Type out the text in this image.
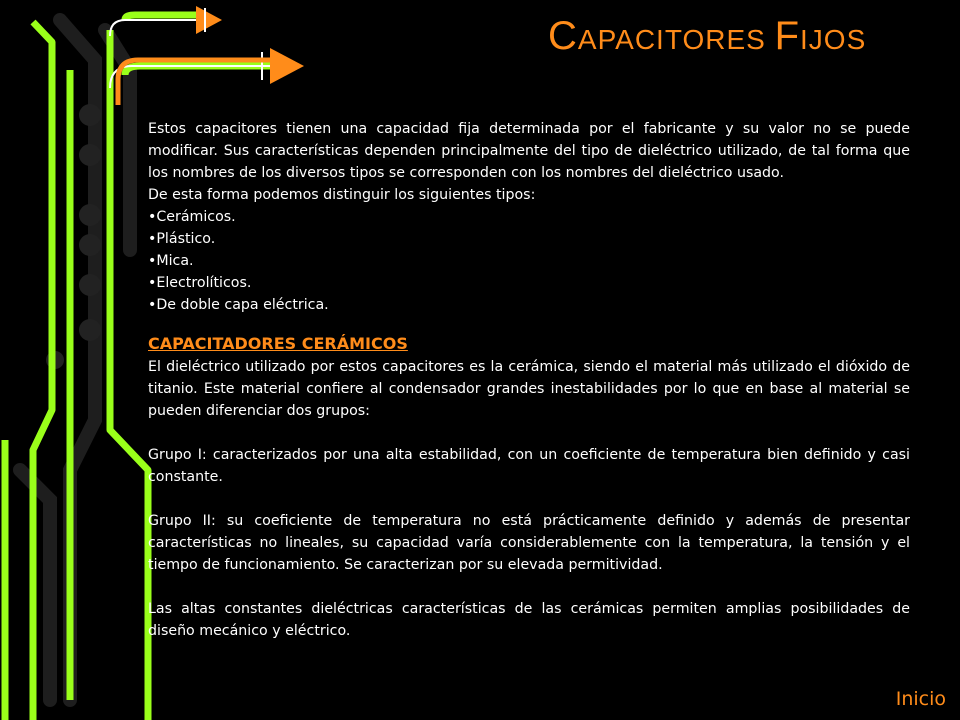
CAPACITORES FIJOS

Estos capacitores tienen una capacidad fija determinada por el fabricante y su valor no se puede modificar. Sus características dependen principalmente del tipo de dieléctrico utilizado, de tal forma que los nombres de los diversos tipos se corresponden con los nombres del dieléctrico usado.

De esta forma podemos distinguir los siguientes tipos:

• Cerámicos.
• Plástico.
• Mica.
• Electrolíticos.
• De doble capa eléctrica.
CAPACITADORES CERÁMICOS

El dieléctrico utilizado por estos capacitores es la cerámica, siendo el material más utilizado el dióxido de titanio. Este material confiere al condensador grandes inestabilidades por lo que en base al material se pueden diferenciar dos grupos:

Grupo I: caracterizados por una alta estabilidad, con un coeficiente de temperatura bien definido y casi constante.

Grupo II: su coeficiente de temperatura no está prácticamente definido y además de presentar características no lineales, su capacidad varía considerablemente con la temperatura, la tensión y el tiempo de funcionamiento. Se caracterizan por su elevada permitividad.

Las altas constantes dieléctricas características de las cerámicas permiten amplias posibilidades de diseño mecánico y eléctrico.

Inicio
